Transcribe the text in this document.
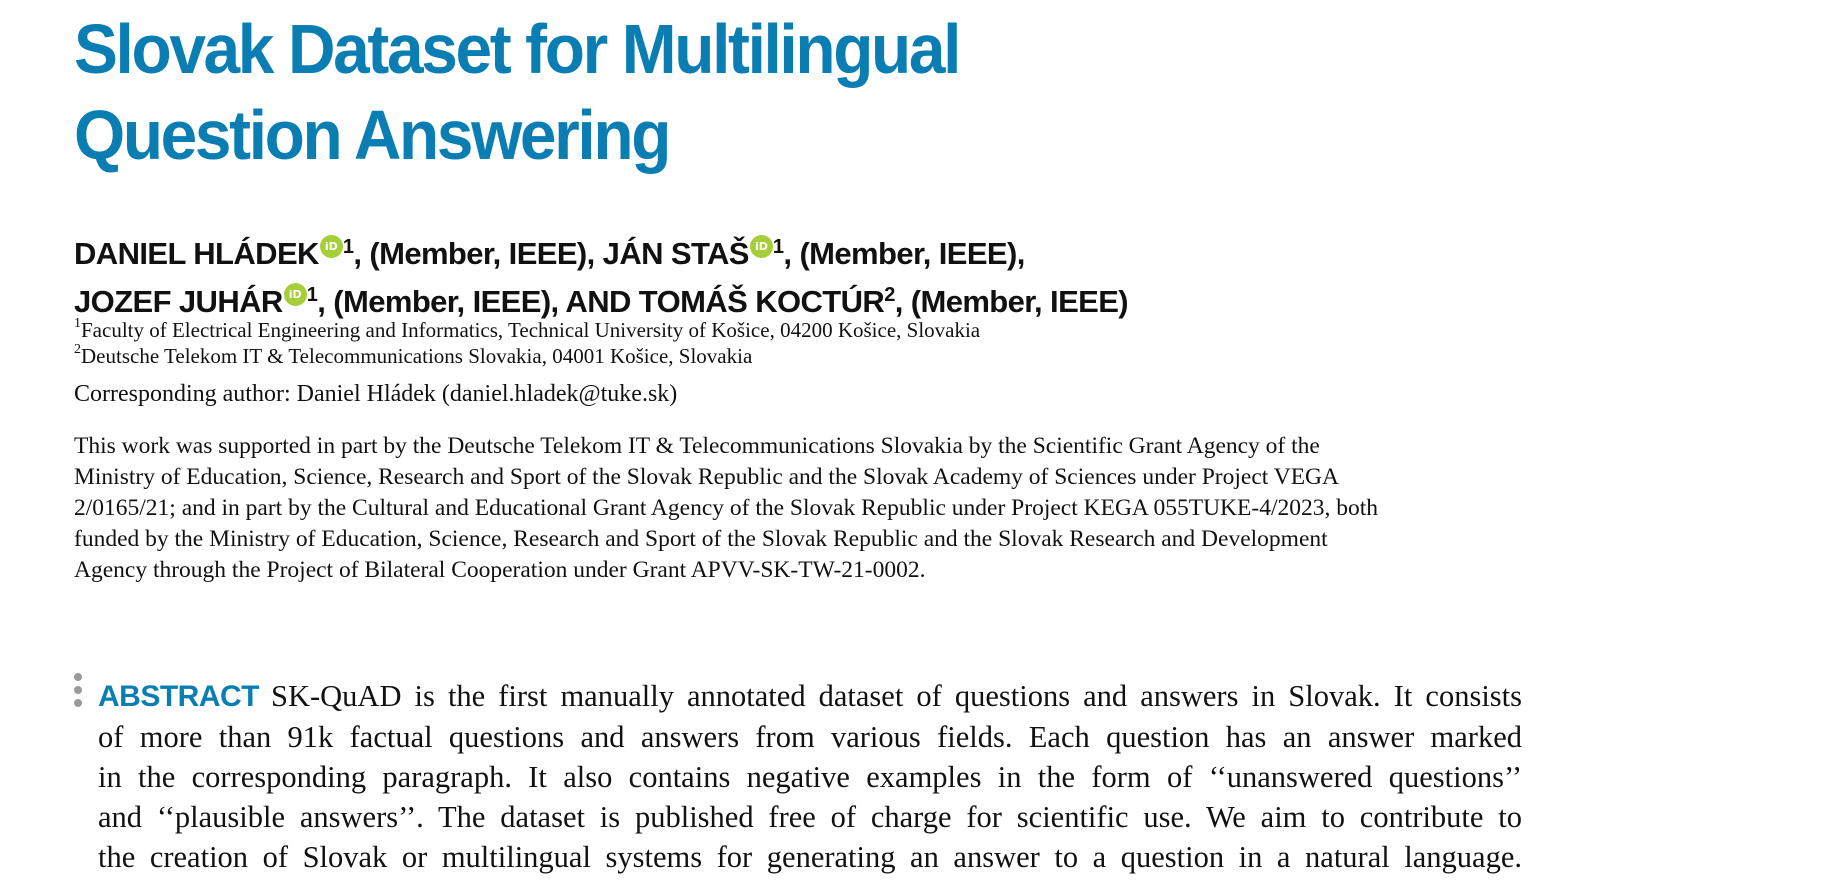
Slovak Dataset for Multilingual
Question Answering
DANIEL HLÁDEK iD $^1$, (Member, IEEE), JÁN STAŠ iD $^1$, (Member, IEEE),
JOZEF JUHÁR iD $^1$, (Member, IEEE), AND TOMÁŠ KOCTÚR$^2$, (Member, IEEE)
$^1$Faculty of Electrical Engineering and Informatics, Technical University of Košice, 04200 Košice, Slovakia
$^2$Deutsche Telekom IT & Telecommunications Slovakia, 04001 Košice, Slovakia
Corresponding author: Daniel Hládek (daniel.hladek@tuke.sk)
This work was supported in part by the Deutsche Telekom IT & Telecommunications Slovakia by the Scientific Grant Agency of the
Ministry of Education, Science, Research and Sport of the Slovak Republic and the Slovak Academy of Sciences under Project VEGA
2/0165/21; and in part by the Cultural and Educational Grant Agency of the Slovak Republic under Project KEGA 055TUKE-4/2023, both
funded by the Ministry of Education, Science, Research and Sport of the Slovak Republic and the Slovak Research and Development
Agency through the Project of Bilateral Cooperation under Grant APVV-SK-TW-21-0002.
ABSTRACT SK-QuAD is the first manually annotated dataset of questions and answers in Slovak. It consists
of more than 91k factual questions and answers from various fields. Each question has an answer marked
in the corresponding paragraph. It also contains negative examples in the form of ‘‘unanswered questions’’
and ‘‘plausible answers’’. The dataset is published free of charge for scientific use. We aim to contribute to
the creation of Slovak or multilingual systems for generating an answer to a question in a natural language.
